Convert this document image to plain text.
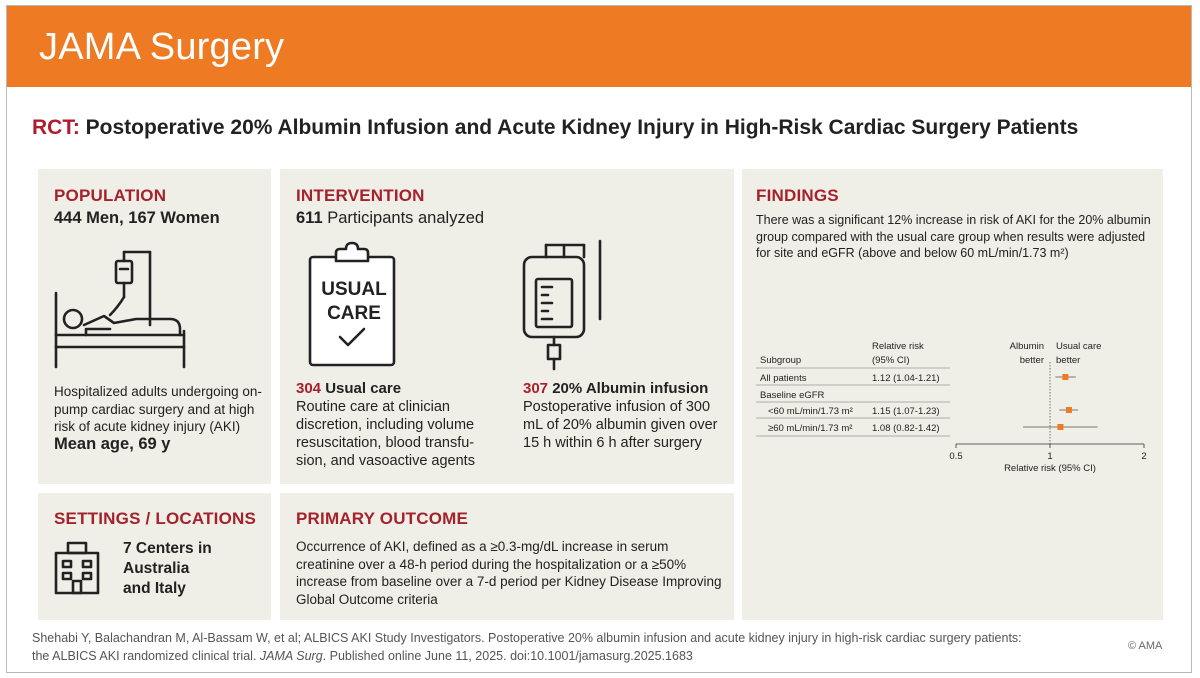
JAMA Surgery
RCT: Postoperative 20% Albumin Infusion and Acute Kidney Injury in High-Risk Cardiac Surgery Patients
POPULATION
444 Men, 167 Women
Hospitalized adults undergoing on-pump cardiac surgery and at high risk of acute kidney injury (AKI)
Mean age, 69 y
INTERVENTION
611 Participants analyzed
USUAL
CARE
304 Usual care
Routine care at clinician discretion, including volume resuscitation, blood transfu-sion, and vasoactive agents
307 20% Albumin infusion
Postoperative infusion of 300 mL of 20% albumin given over 15 h within 6 h after surgery
SETTINGS / LOCATIONS
7 Centers in
Australia
and Italy
PRIMARY OUTCOME
Occurrence of AKI, defined as a ≥0.3-mg/dL increase in serum creatinine over a 48-h period during the hospitalization or a ≥50% increase from baseline over a 7-d period per Kidney Disease Improving Global Outcome criteria
FINDINGS
There was a significant 12% increase in risk of AKI for the 20% albumin group compared with the usual care group when results were adjusted for site and eGFR (above and below 60 mL/min/1.73 m²)
Relative risk
(95% CI)
Subgroup
Albumin
better
Usual care
better
All patients	1.12 (1.04-1.21)
Baseline eGFR
<60 mL/min/1.73 m² 1.15 (1.07-1.23)
≥60 mL/min/1.73 m² 1.08 (0.82-1.42)
Relative risk (95% CI)
0.5	1	2
Shehabi Y, Balachandran M, Al-Bassam W, et al; ALBICS AKI Study Investigators. Postoperative 20% albumin infusion and acute kidney injury in high-risk cardiac surgery patients:
the ALBICS AKI randomized clinical trial. JAMA Surg. Published online June 11, 2025. doi:10.1001/jamasurg.2025.1683
© AMA
